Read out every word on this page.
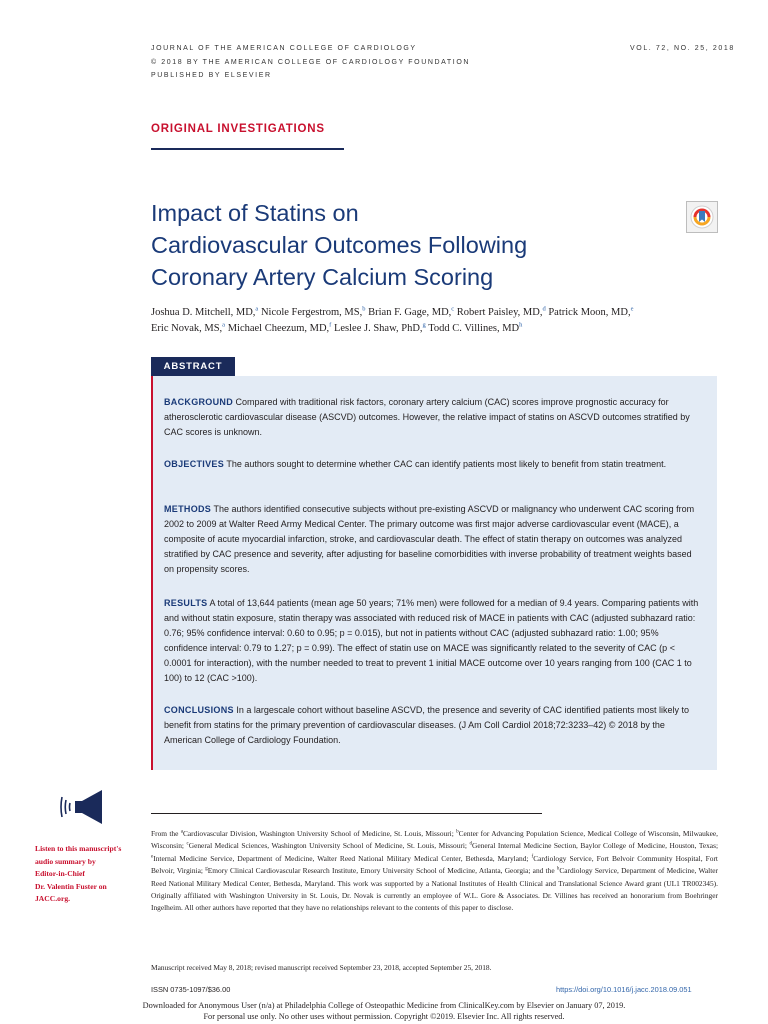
JOURNAL OF THE AMERICAN COLLEGE OF CARDIOLOGY	VOL. 72, NO. 25, 2018
© 2018 BY THE AMERICAN COLLEGE OF CARDIOLOGY FOUNDATION
PUBLISHED BY ELSEVIER
ORIGINAL INVESTIGATIONS
Impact of Statins on
Cardiovascular Outcomes Following
Coronary Artery Calcium Scoring
Joshua D. Mitchell, MD,$^a$ Nicole Fergestrom, MS,$^b$ Brian F. Gage, MD,$^c$ Robert Paisley, MD,$^d$ Patrick Moon, MD,$^e$
Eric Novak, MS,$^a$ Michael Cheezum, MD,$^f$ Leslee J. Shaw, PhD,$^g$ Todd C. Villines, $MD^h$
ABSTRACT
BACKGROUND Compared with traditional risk factors, coronary artery calcium (CAC) scores improve prognostic accuracy for atherosclerotic cardiovascular disease (ASCVD) outcomes. However, the relative impact of statins on ASCVD outcomes stratified by CAC scores is unknown.
OBJECTIVES The authors sought to determine whether CAC can identify patients most likely to benefit from statin treatment.
METHODS The authors identified consecutive subjects without pre-existing ASCVD or malignancy who underwent CAC scoring from 2002 to 2009 at Walter Reed Army Medical Center. The primary outcome was first major adverse cardiovascular event (MACE), a composite of acute myocardial infarction, stroke, and cardiovascular death. The effect of statin therapy on outcomes was analyzed stratified by CAC presence and severity, after adjusting for baseline comorbidities with inverse probability of treatment weights based on propensity scores.
RESULTS A total of 13,644 patients (mean age 50 years; 71% men) were followed for a median of 9.4 years. Comparing patients with and without statin exposure, statin therapy was associated with reduced risk of MACE in patients with CAC (adjusted subhazard ratio: 0.76; 95% confidence interval: 0.60 to 0.95; p = 0.015), but not in patients without CAC (adjusted subhazard ratio: 1.00; 95% confidence interval: 0.79 to 1.27; p = 0.99). The effect of statin use on MACE was significantly related to the severity of CAC (p < 0.0001 for interaction), with the number needed to treat to prevent 1 initial MACE outcome over 10 years ranging from 100 (CAC 1 to 100) to 12 (CAC >100).
CONCLUSIONS In a largescale cohort without baseline ASCVD, the presence and severity of CAC identified patients most likely to benefit from statins for the primary prevention of cardiovascular diseases. (J Am Coll Cardiol 2018;72:3233–42) © 2018 by the American College of Cardiology Foundation.
Listen to this manuscript's
audio summary by
Editor-in-Chief
Dr. Valentin Fuster on
JACC.org.
From the $^a$Cardiovascular Division, Washington University School of Medicine, St. Louis, Missouri; $^b$Center for Advancing Population Science, Medical College of Wisconsin, Milwaukee, Wisconsin; $^c$General Medical Sciences, Washington University School of Medicine, St. Louis, Missouri; $^d$General Internal Medicine Section, Baylor College of Medicine, Houston, Texas; $^e$Internal Medicine Service, Department of Medicine, Walter Reed National Military Medical Center, Bethesda, Maryland; $^f$Cardiology Service, Fort Belvoir Community Hospital, Fort Belvoir, Virginia; $^g$Emory Clinical Cardiovascular Research Institute, Emory University School of Medicine, Atlanta, Georgia; and the $^h$Cardiology Service, Department of Medicine, Walter Reed National Military Medical Center, Bethesda, Maryland. This work was supported by a National Institutes of Health Clinical and Translational Science Award grant (UL1 TR002345). Originally affiliated with Washington University in St. Louis, Dr. Novak is currently an employee of W.L. Gore & Associates. Dr. Villines has received an honorarium from Boehringer Ingelheim. All other authors have reported that they have no relationships relevant to the contents of this paper to disclose.
Manuscript received May 8, 2018; revised manuscript received September 23, 2018, accepted September 25, 2018.
ISSN 0735-1097/$36.00	https://doi.org/10.1016/j.jacc.2018.09.051
Downloaded for Anonymous User (n/a) at Philadelphia College of Osteopathic Medicine from ClinicalKey.com by Elsevier on January 07, 2019.
For personal use only. No other uses without permission. Copyright ©2019. Elsevier Inc. All rights reserved.
